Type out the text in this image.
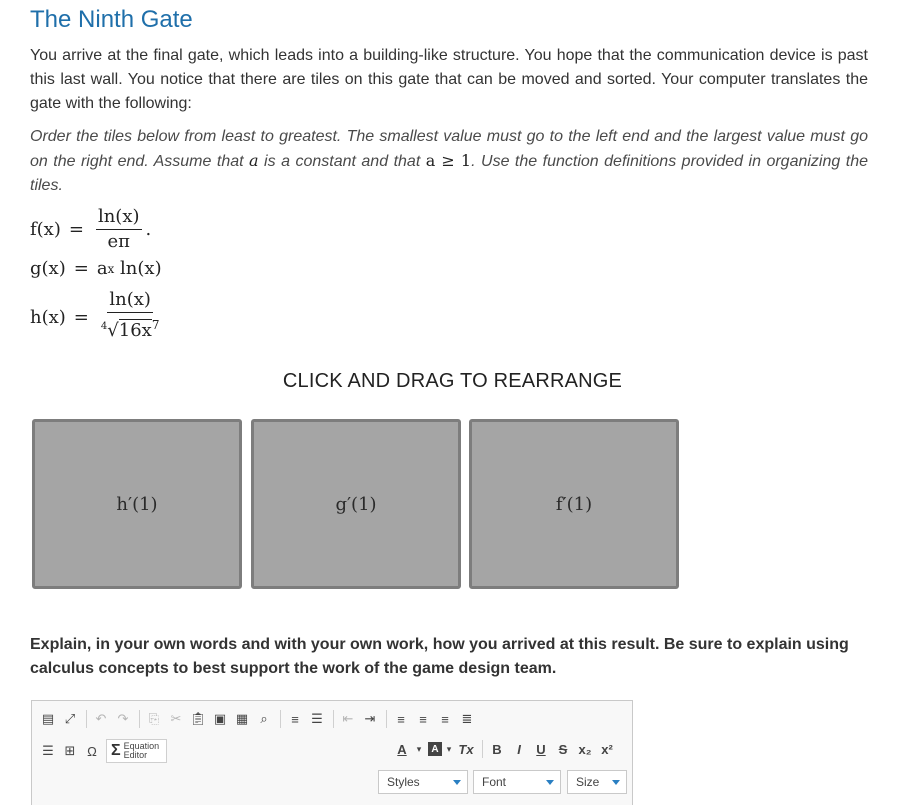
The Ninth Gate

You arrive at the final gate, which leads into a building-like structure. You hope that the communication device is past this last wall. You notice that there are tiles on this gate that can be moved and sorted. Your computer translates the gate with the following:

Order the tiles below from least to greatest. The smallest value must go to the left end and the largest value must go on the right end. Assume that a is a constant and that a ≥ 1. Use the function definitions provided in organizing the tiles.

$f(x) = \frac{\ln(x)}{e\pi}$ .
g(x) = a x ln(x)
$h(x) = \frac{\ln(x)}{^4√16x^7}$
CLICK AND DRAG TO REARRANGE
h′(1)	g′(1)	f′(1)
Explain, in your own words and with your own work, how you arrived at this result. Be sure to explain using calculus concepts to best support the work of the game design team.
▤ ⤢	↶ ↷	⎘ ✂ 📋︎ ▣ ▦ ⌕	≡ ☰	⇤ ⇥	≡	≡	≡ ≣
☰ ⊞ Ω Σ Equation Editor	A	▾	A ▾ Tx	B	I	U S x₂ x²
Styles	Font	Size
